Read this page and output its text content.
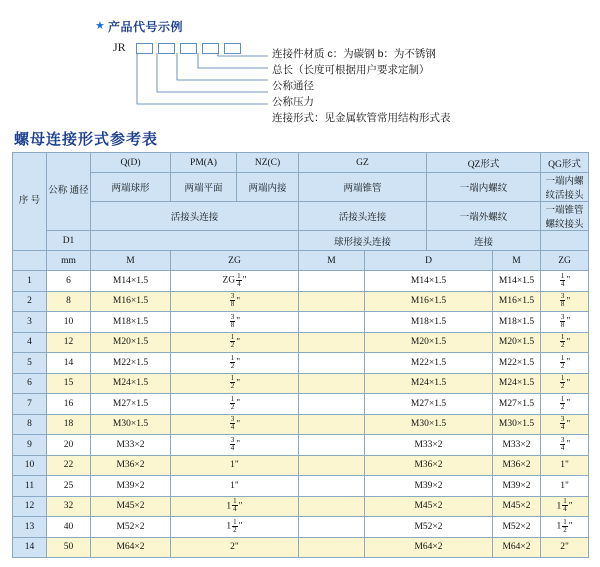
★ 产品代号示例
JR	连接件材质 c：为碳钢 b：为不锈钢
总长（长度可根据用户要求定制）
公称通径
公称压力
连接形式：见金属软管常用结构形式表
螺母连接形式参考表
序 号	公称 通径	Q(D)	PM(A)	NZ(C)	GZ		QZ形式		QG形式
		两端球形	两端平面	两端内接	两端锥管		一端内螺纹		一端内螺纹活接头
		活接头连接			活接头连接		一端外螺纹		一端锥管螺纹接头
	D1				球形接头连接		连接		
	mm	M	ZG		M	D		M	ZG
1	6	M14×1.5	ZG $\frac{1}{4}$ "			M14×1.5		M14×1.5	$\frac{1}{4}$ "
2	8	M16×1.5	$\frac{3}{8}$ "			M16×1.5		M16×1.5	$\frac{3}{8}$ "
3	10	M18×1.5	$\frac{3}{8}$ "			M18×1.5		M18×1.5	$\frac{3}{8}$ "
4	12	M20×1.5	$\frac{1}{2}$ "			M20×1.5		M20×1.5	$\frac{1}{2}$ "
5	14	M22×1.5	$\frac{1}{2}$ "			M22×1.5		M22×1.5	$\frac{1}{2}$ "
6	15	M24×1.5	$\frac{1}{2}$ "			M24×1.5		M24×1.5	$\frac{1}{2}$ "
7	16	M27×1.5	$\frac{1}{2}$ "			M27×1.5		M27×1.5	$\frac{1}{2}$ "
8	18	M30×1.5	$\frac{3}{4}$ "			M30×1.5		M30×1.5	$\frac{3}{4}$ "
9	20	M33×2	$\frac{3}{4}$ "			M33×2		M33×2	$\frac{3}{4}$ "
10	22	M36×2	1"			M36×2		M36×2	1"
11	25	M39×2	1"			M39×2		M39×2	1"
12	32	M45×2	$1 \frac{1}{4}$ "			M45×2		M45×2	$1 \frac{1}{4}$ "
13	40	M52×2	$1 \frac{1}{2}$ "			M52×2		M52×2	$1 \frac{1}{2}$ "
14	50	M64×2	2"			M64×2		M64×2	2"
